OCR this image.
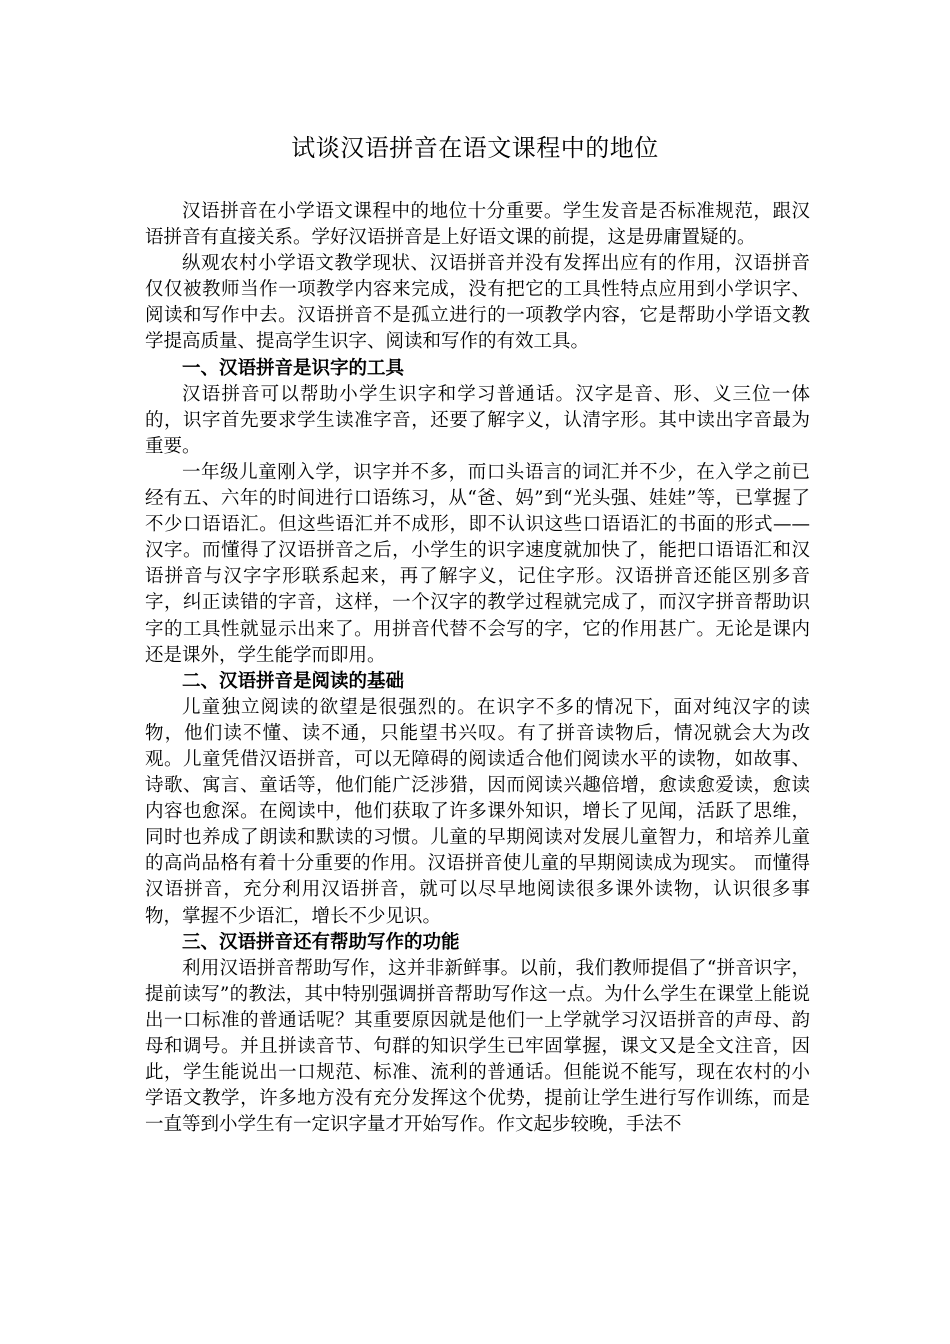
试谈汉语拼音在语文课程中的地位

汉语拼音在小学语文课程中的地位十分重要。学生发音是否标准规范，跟汉语拼音有直接关系。学好汉语拼音是上好语文课的前提，这是毋庸置疑的。

纵观农村小学语文教学现状、汉语拼音并没有发挥出应有的作用，汉语拼音仅仅被教师当作一项教学内容来完成，没有把它的工具性特点应用到小学识字、阅读和写作中去。汉语拼音不是孤立进行的一项教学内容，它是帮助小学语文教学提高质量、提高学生识字、阅读和写作的有效工具。

一、汉语拼音是识字的工具

汉语拼音可以帮助小学生识字和学习普通话。汉字是音、形、义三位一体的，识字首先要求学生读准字音，还要了解字义，认清字形。其中读出字音最为重要。

一年级儿童刚入学，识字并不多，而口头语言的词汇并不少，在入学之前已经有五、六年的时间进行口语练习，从“爸、妈”到“光头强、娃娃”等，已掌握了不少口语语汇。但这些语汇并不成形，即不认识这些口语语汇的书面的形式——汉字。而懂得了汉语拼音之后，小学生的识字速度就加快了，能把口语语汇和汉语拼音与汉字字形联系起来，再了解字义，记住字形。汉语拼音还能区别多音字，纠正读错的字音，这样，一个汉字的教学过程就完成了，而汉字拼音帮助识字的工具性就显示出来了。用拼音代替不会写的字，它的作用甚广。无论是课内还是课外，学生能学而即用。

二、汉语拼音是阅读的基础

儿童独立阅读的欲望是很强烈的。在识字不多的情况下，面对纯汉字的读物，他们读不懂、读不通，只能望书兴叹。有了拼音读物后，情况就会大为改观。儿童凭借汉语拼音，可以无障碍的阅读适合他们阅读水平的读物，如故事、诗歌、寓言、童话等，他们能广泛涉猎，因而阅读兴趣倍增，愈读愈爱读，愈读内容也愈深。在阅读中，他们获取了许多课外知识，增长了见闻，活跃了思维，同时也养成了朗读和默读的习惯。儿童的早期阅读对发展儿童智力，和培养儿童的高尚品格有着十分重要的作用。汉语拼音使儿童的早期阅读成为现实。 而懂得汉语拼音，充分利用汉语拼音，就可以尽早地阅读很多课外读物，认识很多事物，掌握不少语汇，增长不少见识。

三、汉语拼音还有帮助写作的功能

利用汉语拼音帮助写作，这并非新鲜事。以前，我们教师提倡了“拼音识字，提前读写”的教法，其中特别强调拼音帮助写作这一点。为什么学生在课堂上能说出一口标准的普通话呢？其重要原因就是他们一上学就学习汉语拼音的声母、韵母和调号。并且拼读音节、句群的知识学生已牢固掌握，课文又是全文注音，因此，学生能说出一口规范、标准、流利的普通话。但能说不能写，现在农村的小学语文教学，许多地方没有充分发挥这个优势，提前让学生进行写作训练，而是一直等到小学生有一定识字量才开始写作。作文起步较晚，手法不
